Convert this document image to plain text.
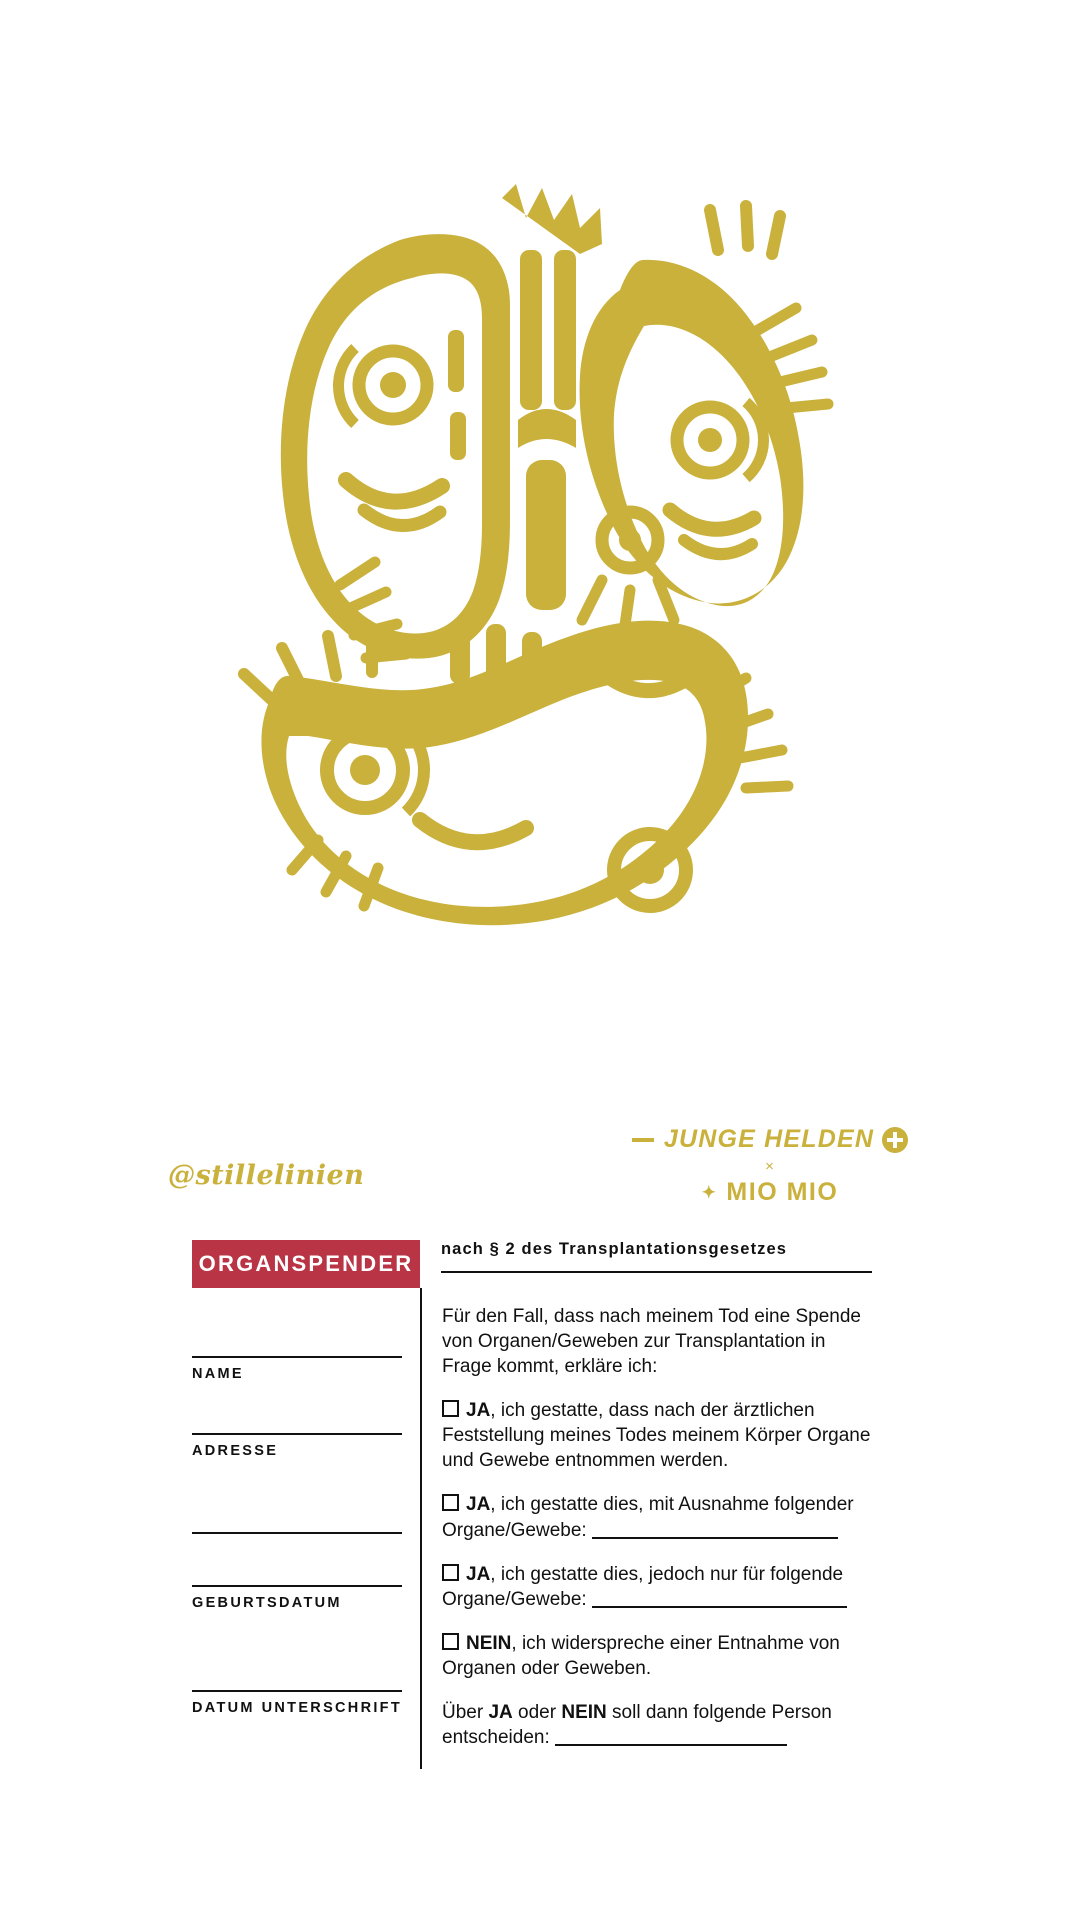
@stillelinien
JUNGE HELDEN
×
✦ MIO MIO
ORGANSPENDER
nach § 2 des Transplantationsgesetzes
NAME
ADRESSE
GEBURTSDATUM
DATUM UNTERSCHRIFT
Für den Fall, dass nach meinem Tod eine Spende von Organen/Geweben zur Transplantation in Frage kommt, erkläre ich:
JA, ich gestatte, dass nach der ärztlichen Feststellung meines Todes meinem Körper Organe und Gewebe entnommen werden.
JA, ich gestatte dies, mit Ausnahme folgender Organe/Gewebe:
JA, ich gestatte dies, jedoch nur für folgende Organe/Gewebe:
NEIN, ich widerspreche einer Entnahme von Organen oder Geweben.
Über JA oder NEIN soll dann folgende Person entscheiden:
